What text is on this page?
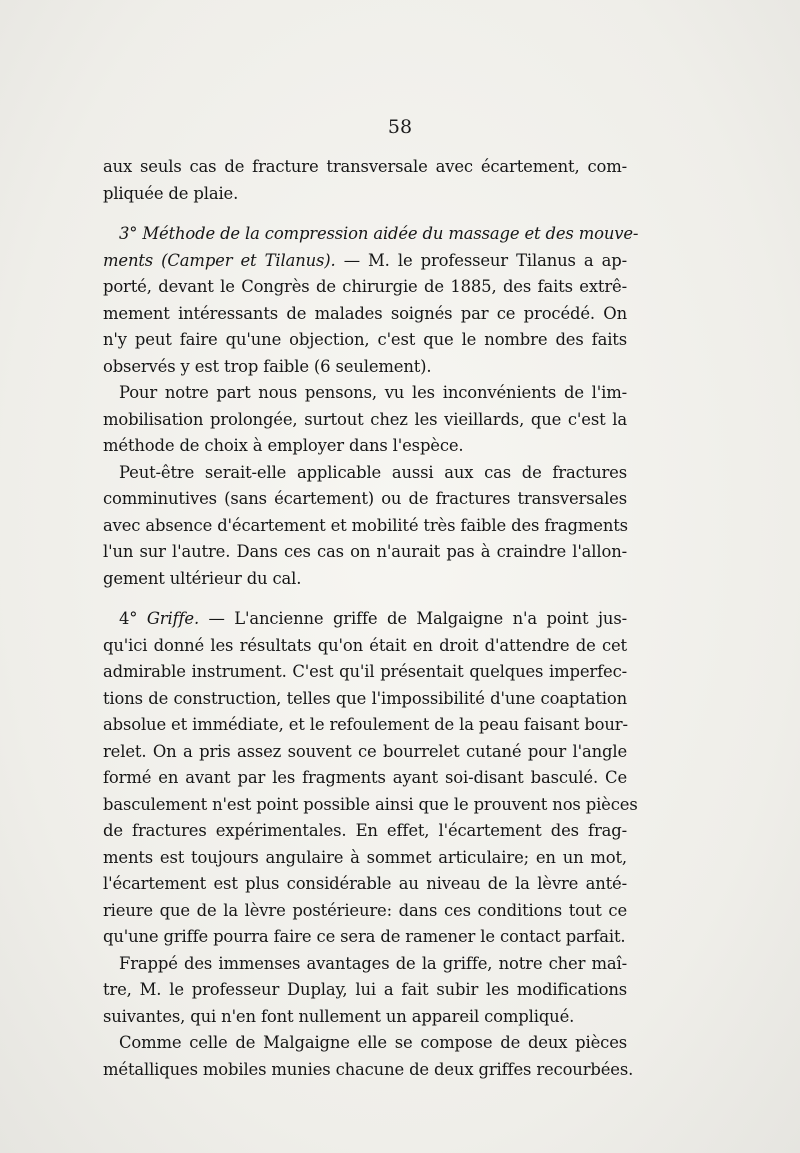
58

aux seuls cas de fracture transversale avec écartement, com-
pliquée de plaie.

3° Méthode de la compression aidée du massage et des mouve-
ments (Camper et Tilanus). — M. le professeur Tilanus a ap-
porté, devant le Congrès de chirurgie de 1885, des faits extrê-
mement intéressants de malades soignés par ce procédé. On
n'y peut faire qu'une objection, c'est que le nombre des faits
observés y est trop faible (6 seulement).

Pour notre part nous pensons, vu les inconvénients de l'im-
mobilisation prolongée, surtout chez les vieillards, que c'est la
méthode de choix à employer dans l'espèce.

Peut-être serait-elle applicable aussi aux cas de fractures
comminutives (sans écartement) ou de fractures transversales
avec absence d'écartement et mobilité très faible des fragments
l'un sur l'autre. Dans ces cas on n'aurait pas à craindre l'allon-
gement ultérieur du cal.

4° Griffe. — L'ancienne griffe de Malgaigne n'a point jus-
qu'ici donné les résultats qu'on était en droit d'attendre de cet
admirable instrument. C'est qu'il présentait quelques imperfec-
tions de construction, telles que l'impossibilité d'une coaptation
absolue et immédiate, et le refoulement de la peau faisant bour-
relet. On a pris assez souvent ce bourrelet cutané pour l'angle
formé en avant par les fragments ayant soi-disant basculé. Ce
basculement n'est point possible ainsi que le prouvent nos pièces
de fractures expérimentales. En effet, l'écartement des frag-
ments est toujours angulaire à sommet articulaire; en un mot,
l'écartement est plus considérable au niveau de la lèvre anté-
rieure que de la lèvre postérieure: dans ces conditions tout ce
qu'une griffe pourra faire ce sera de ramener le contact parfait.

Frappé des immenses avantages de la griffe, notre cher maî-
tre, M. le professeur Duplay, lui a fait subir les modifications
suivantes, qui n'en font nullement un appareil compliqué.

Comme celle de Malgaigne elle se compose de deux pièces
métalliques mobiles munies chacune de deux griffes recourbées.
